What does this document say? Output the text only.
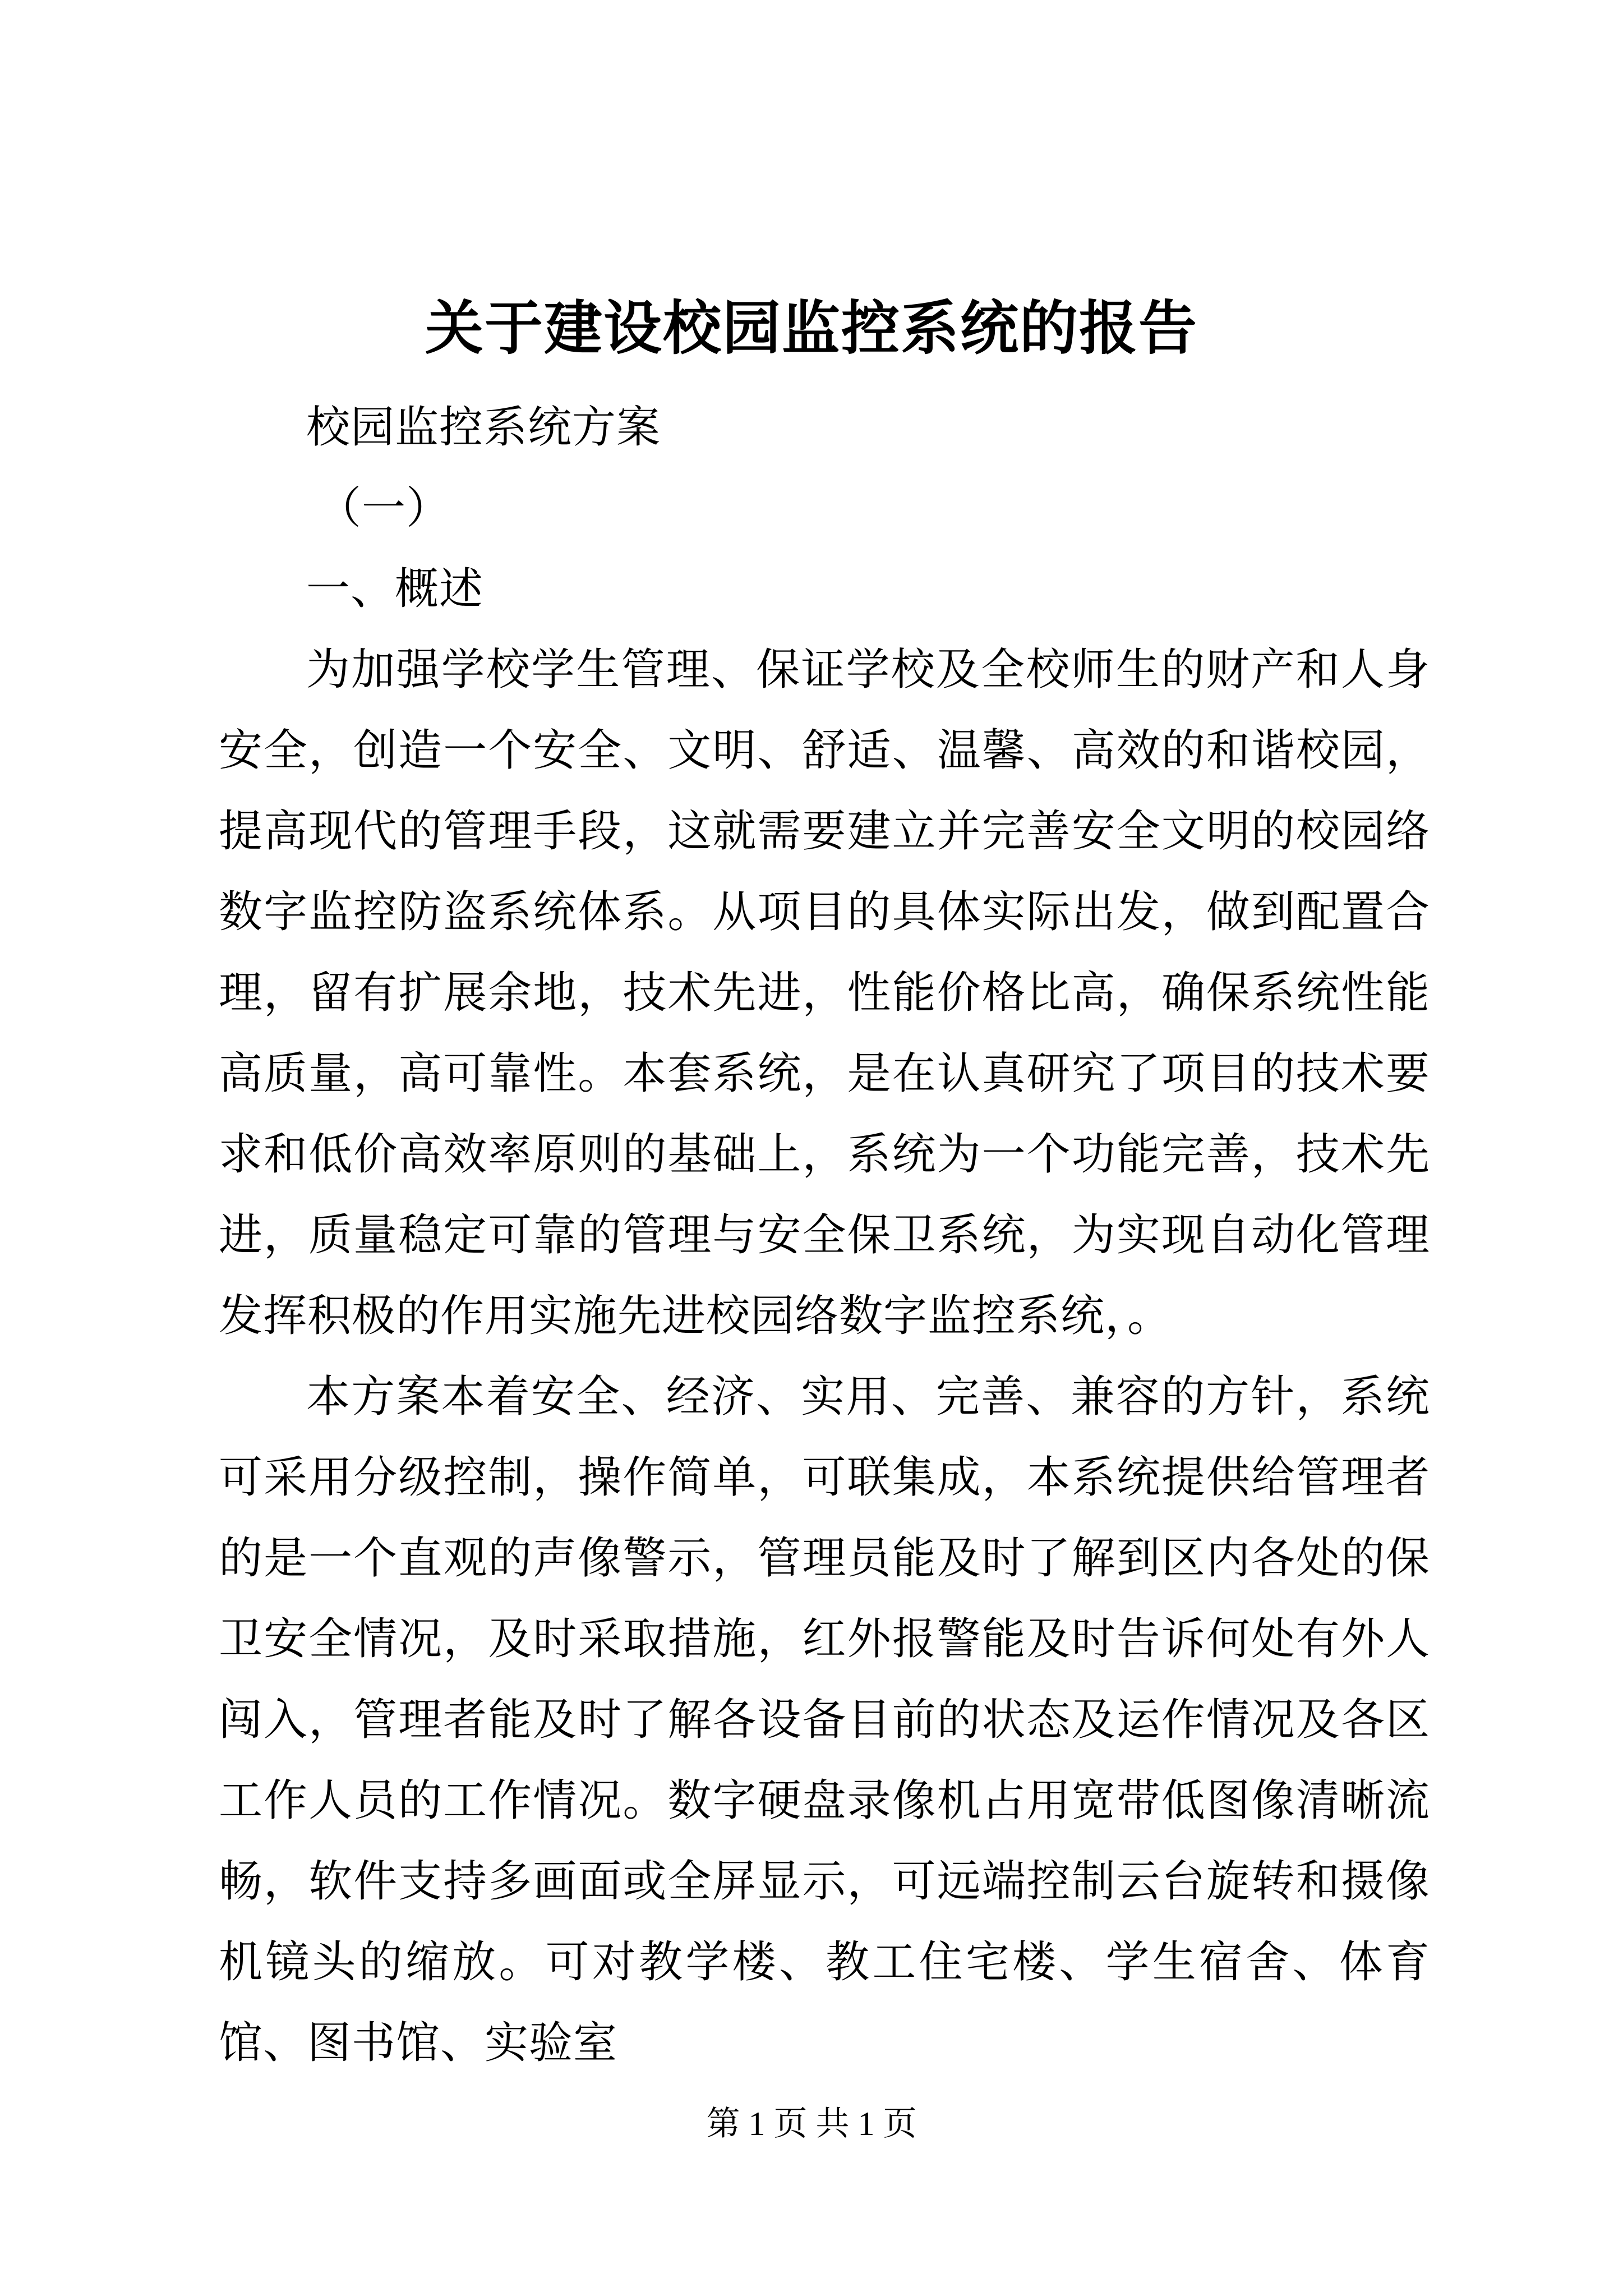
关于建设校园监控系统的报告

校园监控系统方案

（一）

一、概述

为加强学校学生管理、保证学校及全校师生的财产和人身安全，创造一个安全、文明、舒适、温馨、高效的和谐校园，提高现代的管理手段，这就需要建立并完善安全文明的校园络数字监控防盗系统体系。从项目的具体实际出发，做到配置合理，留有扩展余地，技术先进，性能价格比高，确保系统性能高质量，高可靠性。本套系统，是在认真研究了项目的技术要求和低价高效率原则的基础上，系统为一个功能完善，技术先进，质量稳定可靠的管理与安全保卫系统，为实现自动化管理发挥积极的作用实施先进校园络数字监控系统，。

本方案本着安全、经济、实用、完善、兼容的方针，系统可采用分级控制，操作简单，可联集成，本系统提供给管理者的是一个直观的声像警示，管理员能及时了解到区内各处的保卫安全情况，及时采取措施，红外报警能及时告诉何处有外人闯入，管理者能及时了解各设备目前的状态及运作情况及各区工作人员的工作情况。数字硬盘录像机占用宽带低图像清晰流畅，软件支持多画面或全屏显示，可远端控制云台旋转和摄像机镜头的缩放。可对教学楼、教工住宅楼、学生宿舍、体育馆、图书馆、实验室

第 1 页 共 1 页
